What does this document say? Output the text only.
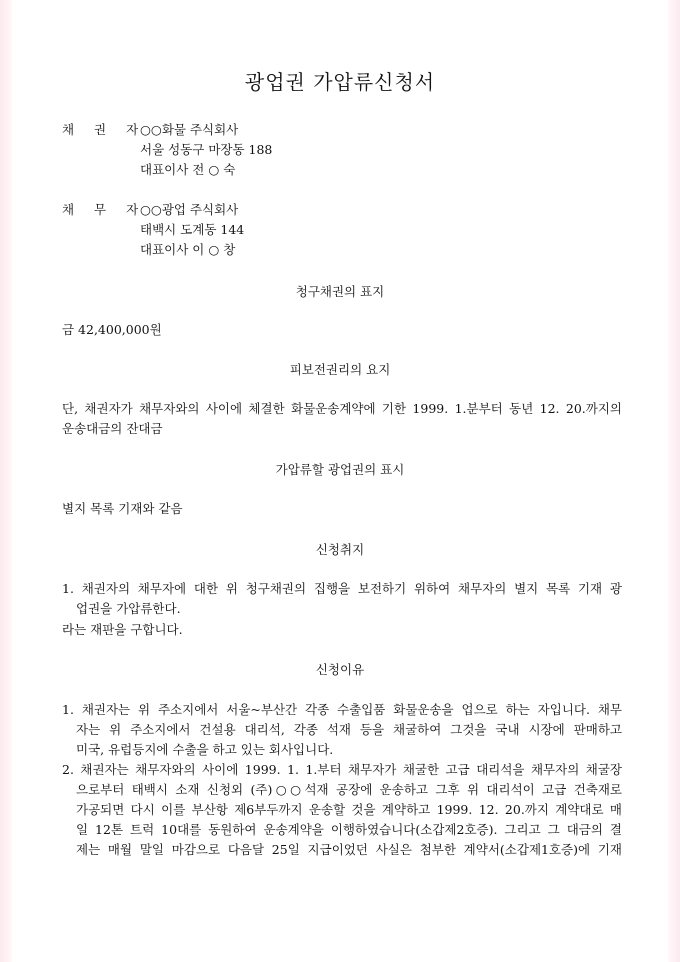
광업권 가압류신청서
채 권 자
○○화물 주식회사
서울 성동구 마장동 188
대표이사 전 ○ 숙
채 무 자
○○광업 주식회사
태백시 도계동 144
대표이사 이 ○ 창
청구채권의 표지
금 42,400,000원
피보전권리의 요지
단, 채권자가 채무자와의 사이에 체결한 화물운송계약에 기한 1999. 1.분부터 동년 12. 20.까지의
운송대금의 잔대금
가압류할 광업권의 표시
별지 목록 기재와 같음
신청취지
1. 채권자의 채무자에 대한 위 청구채권의 집행을 보전하기 위하여 채무자의 별지 목록 기재 광
업권을 가압류한다.
라는 재판을 구합니다.
신청이유
1. 채권자는 위 주소지에서 서울~부산간 각종 수출입품 화물운송을 업으로 하는 자입니다. 채무
자는 위 주소지에서 건설용 대리석, 각종 석재 등을 채굴하여 그것을 국내 시장에 판매하고
미국, 유럽등지에 수출을 하고 있는 회사입니다.
2. 채권자는 채무자와의 사이에 1999. 1. 1.부터 채무자가 채굴한 고급 대리석을 채무자의 채굴장
으로부터 태백시 소재 신청외 (주)○○석재 공장에 운송하고 그후 위 대리석이 고급 건축재로
가공되면 다시 이를 부산항 제6부두까지 운송할 것을 계약하고 1999. 12. 20.까지 계약대로 매
일 12톤 트럭 10대를 동원하여 운송계약을 이행하였습니다(소갑제2호증). 그리고 그 대금의 결
제는 매월 말일 마감으로 다음달 25일 지급이었던 사실은 첨부한 계약서(소갑제1호증)에 기재
